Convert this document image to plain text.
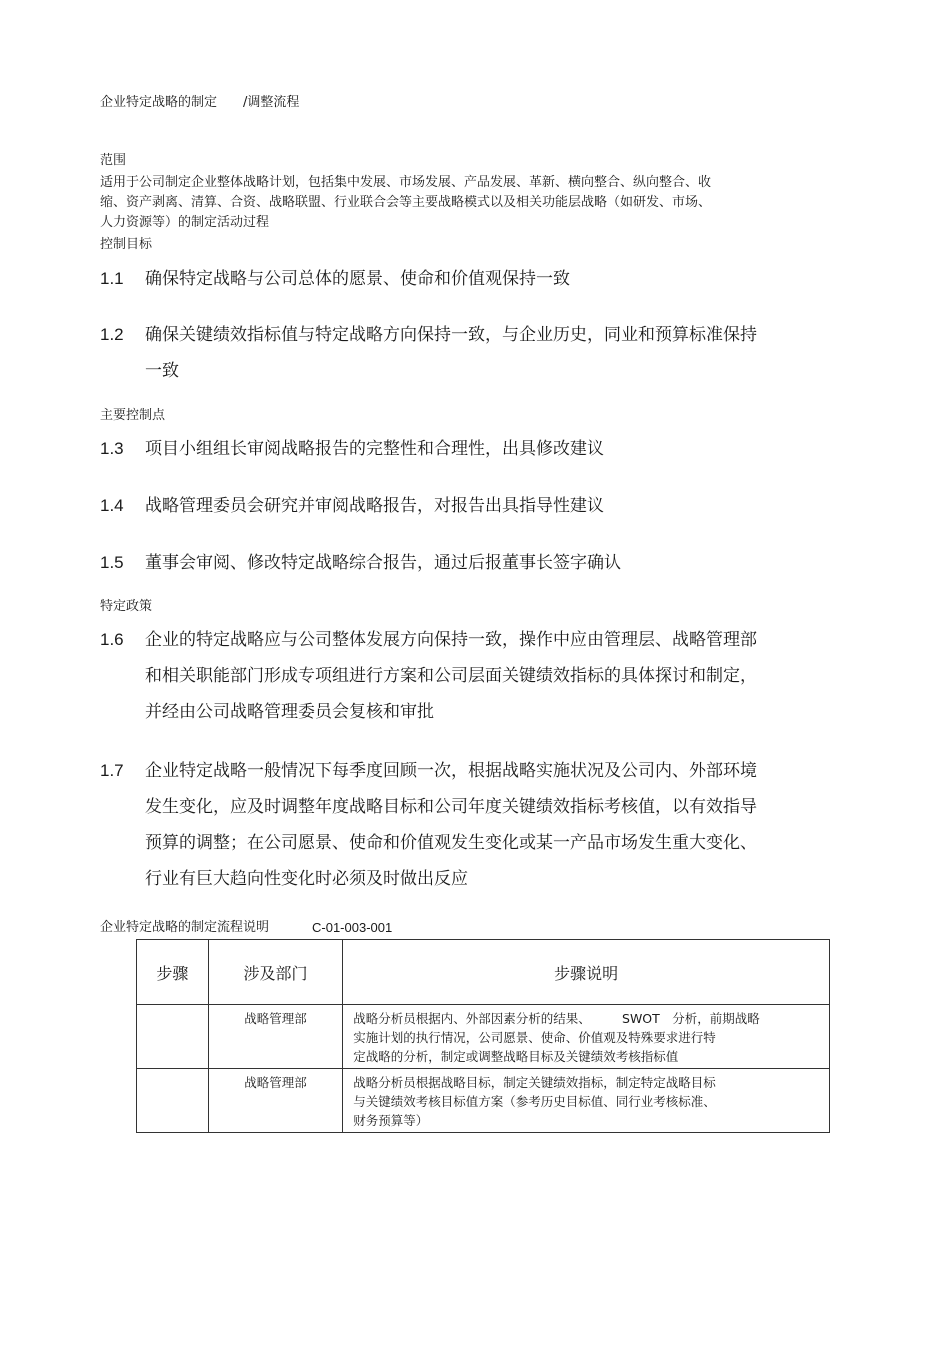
企业特定战略的制定　　/调整流程
范围
适用于公司制定企业整体战略计划，包括集中发展、市场发展、产品发展、革新、横向整合、纵向整合、收
缩、资产剥离、清算、合资、战略联盟、行业联合会等主要战略模式以及相关功能层战略（如研发、市场、
人力资源等）的制定活动过程
控制目标
1.1	确保特定战略与公司总体的愿景、使命和价值观保持一致
1.2	确保关键绩效指标值与特定战略方向保持一致，与企业历史，同业和预算标准保持
一致
主要控制点
1.3	项目小组组长审阅战略报告的完整性和合理性，出具修改建议
1.4	战略管理委员会研究并审阅战略报告，对报告出具指导性建议
1.5	董事会审阅、修改特定战略综合报告，通过后报董事长签字确认
特定政策
1.6	企业的特定战略应与公司整体发展方向保持一致，操作中应由管理层、战略管理部
和相关职能部门形成专项组进行方案和公司层面关键绩效指标的具体探讨和制定，
并经由公司战略管理委员会复核和审批
1.7	企业特定战略一般情况下每季度回顾一次，根据战略实施状况及公司内、外部环境
发生变化，应及时调整年度战略目标和公司年度关键绩效指标考核值，以有效指导
预算的调整；在公司愿景、使命和价值观发生变化或某一产品市场发生重大变化、
行业有巨大趋向性变化时必须及时做出反应
企业特定战略的制定流程说明	C-01-003-001
步骤	涉及部门	步骤说明
	战略管理部	战略分析员根据内、外部因素分析的结果、　　　SWOT　分析，前期战略
实施计划的执行情况，公司愿景、使命、价值观及特殊要求进行特
定战略的分析，制定或调整战略目标及关键绩效考核指标值

	战略管理部	战略分析员根据战略目标，制定关键绩效指标，制定特定战略目标
与关键绩效考核目标值方案（参考历史目标值、同行业考核标准、
财务预算等）
